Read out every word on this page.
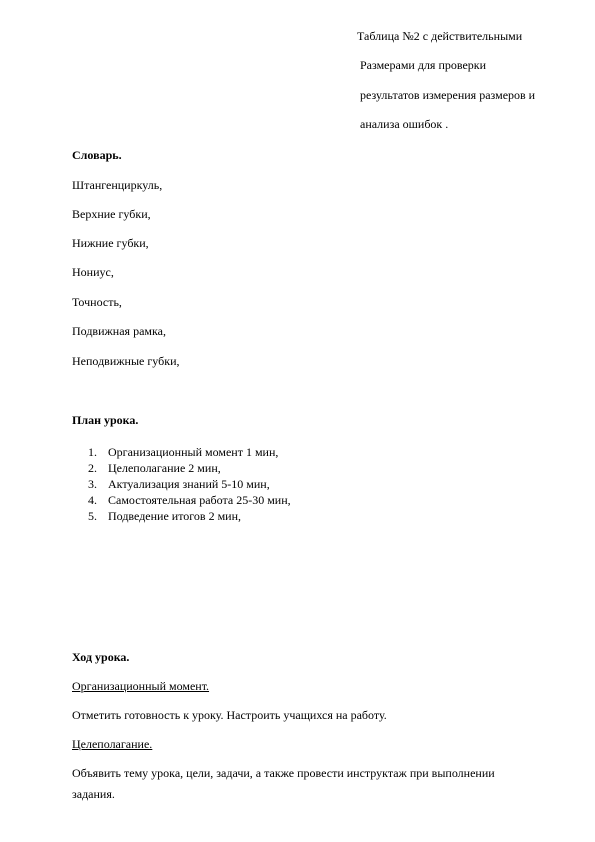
Таблица №2 с действительными
Размерами для проверки
результатов измерения размеров и
анализа ошибок .
Словарь.
Штангенциркуль,
Верхние губки,
Нижние губки,
Нониус,
Точность,
Подвижная рамка,
Неподвижные губки,
План урока.
1. Организационный момент 1 мин,
2. Целеполагание 2 мин,
3. Актуализация знаний 5-10 мин,
4. Самостоятельная работа 25-30 мин,
5. Подведение итогов 2 мин,
Ход урока.
Организационный момент.
Отметить готовность к уроку. Настроить учащихся на работу.
Целеполагание.
Объявить тему урока, цели, задачи, а также провести инструктаж при выполнении
задания.
